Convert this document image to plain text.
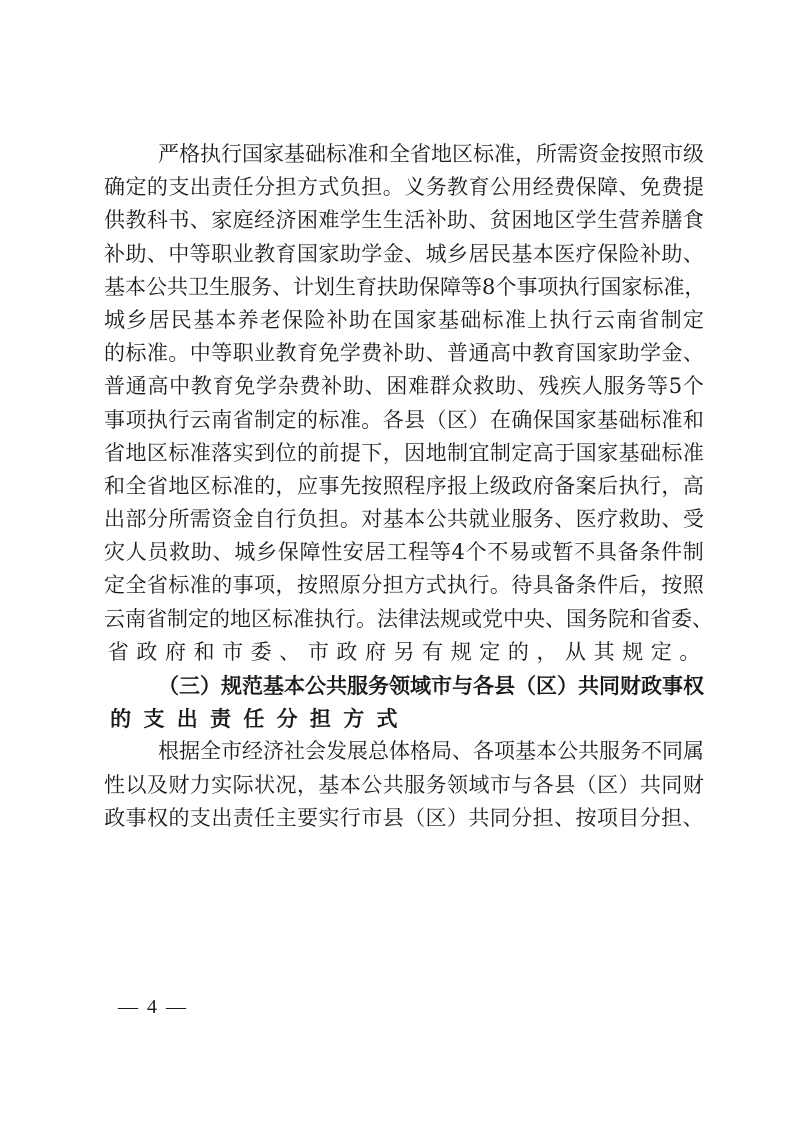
严 格 执 行 国 家 基 础 标 准 和 全 省 地 区 标 准 ， 所 需 资 金 按 照 市 级
确 定 的 支 出 责 任 分 担 方 式 负 担 。 义 务 教 育 公 用 经 费 保 障 、 免 费 提
供 教 科 书 、 家 庭 经 济 困 难 学 生 生 活 补 助 、 贫 困 地 区 学 生 营 养 膳 食
补 助 、 中 等 职 业 教 育 国 家 助 学 金 、 城 乡 居 民 基 本 医 疗 保 险 补 助 、
基 本 公 共 卫 生 服 务 、 计 划 生 育 扶 助 保 障 等 8 个 事 项 执 行 国 家 标 准 ，
城 乡 居 民 基 本 养 老 保 险 补 助 在 国 家 基 础 标 准 上 执 行 云 南 省 制 定
的 标 准 。 中 等 职 业 教 育 免 学 费 补 助 、 普 通 高 中 教 育 国 家 助 学 金 、
普 通 高 中 教 育 免 学 杂 费 补 助 、 困 难 群 众 救 助 、 残 疾 人 服 务 等 5 个
事 项 执 行 云 南 省 制 定 的 标 准 。 各 县 （ 区 ） 在 确 保 国 家 基 础 标 准 和
省 地 区 标 准 落 实 到 位 的 前 提 下 ， 因 地 制 宜 制 定 高 于 国 家 基 础 标 准
和 全 省 地 区 标 准 的 ， 应 事 先 按 照 程 序 报 上 级 政 府 备 案 后 执 行 ， 高
出 部 分 所 需 资 金 自 行 负 担 。 对 基 本 公 共 就 业 服 务 、 医 疗 救 助 、 受
灾 人 员 救 助 、 城 乡 保 障 性 安 居 工 程 等 4 个 不 易 或 暂 不 具 备 条 件 制
定 全 省 标 准 的 事 项 ， 按 照 原 分 担 方 式 执 行 。 待 具 备 条 件 后 ， 按 照
云 南 省 制 定 的 地 区 标 准 执 行 。 法 律 法 规 或 党 中 央 、 国 务 院 和 省 委 、
省 政 府 和 市 委 、 市 政 府 另 有 规 定 的 ， 从 其 规 定 。

（ 三 ） 规 范 基 本 公 共 服 务 领 域 市 与 各 县 （ 区 ） 共 同 财 政 事 权
的 支 出 责 任 分 担 方 式

根 据 全 市 经 济 社 会 发 展 总 体 格 局 、 各 项 基 本 公 共 服 务 不 同 属
性 以 及 财 力 实 际 状 况 ， 基 本 公 共 服 务 领 域 市 与 各 县 （ 区 ） 共 同 财
政 事 权 的 支 出 责 任 主 要 实 行 市 县 （ 区 ） 共 同 分 担 、 按 项 目 分 担 、
— 4 —
